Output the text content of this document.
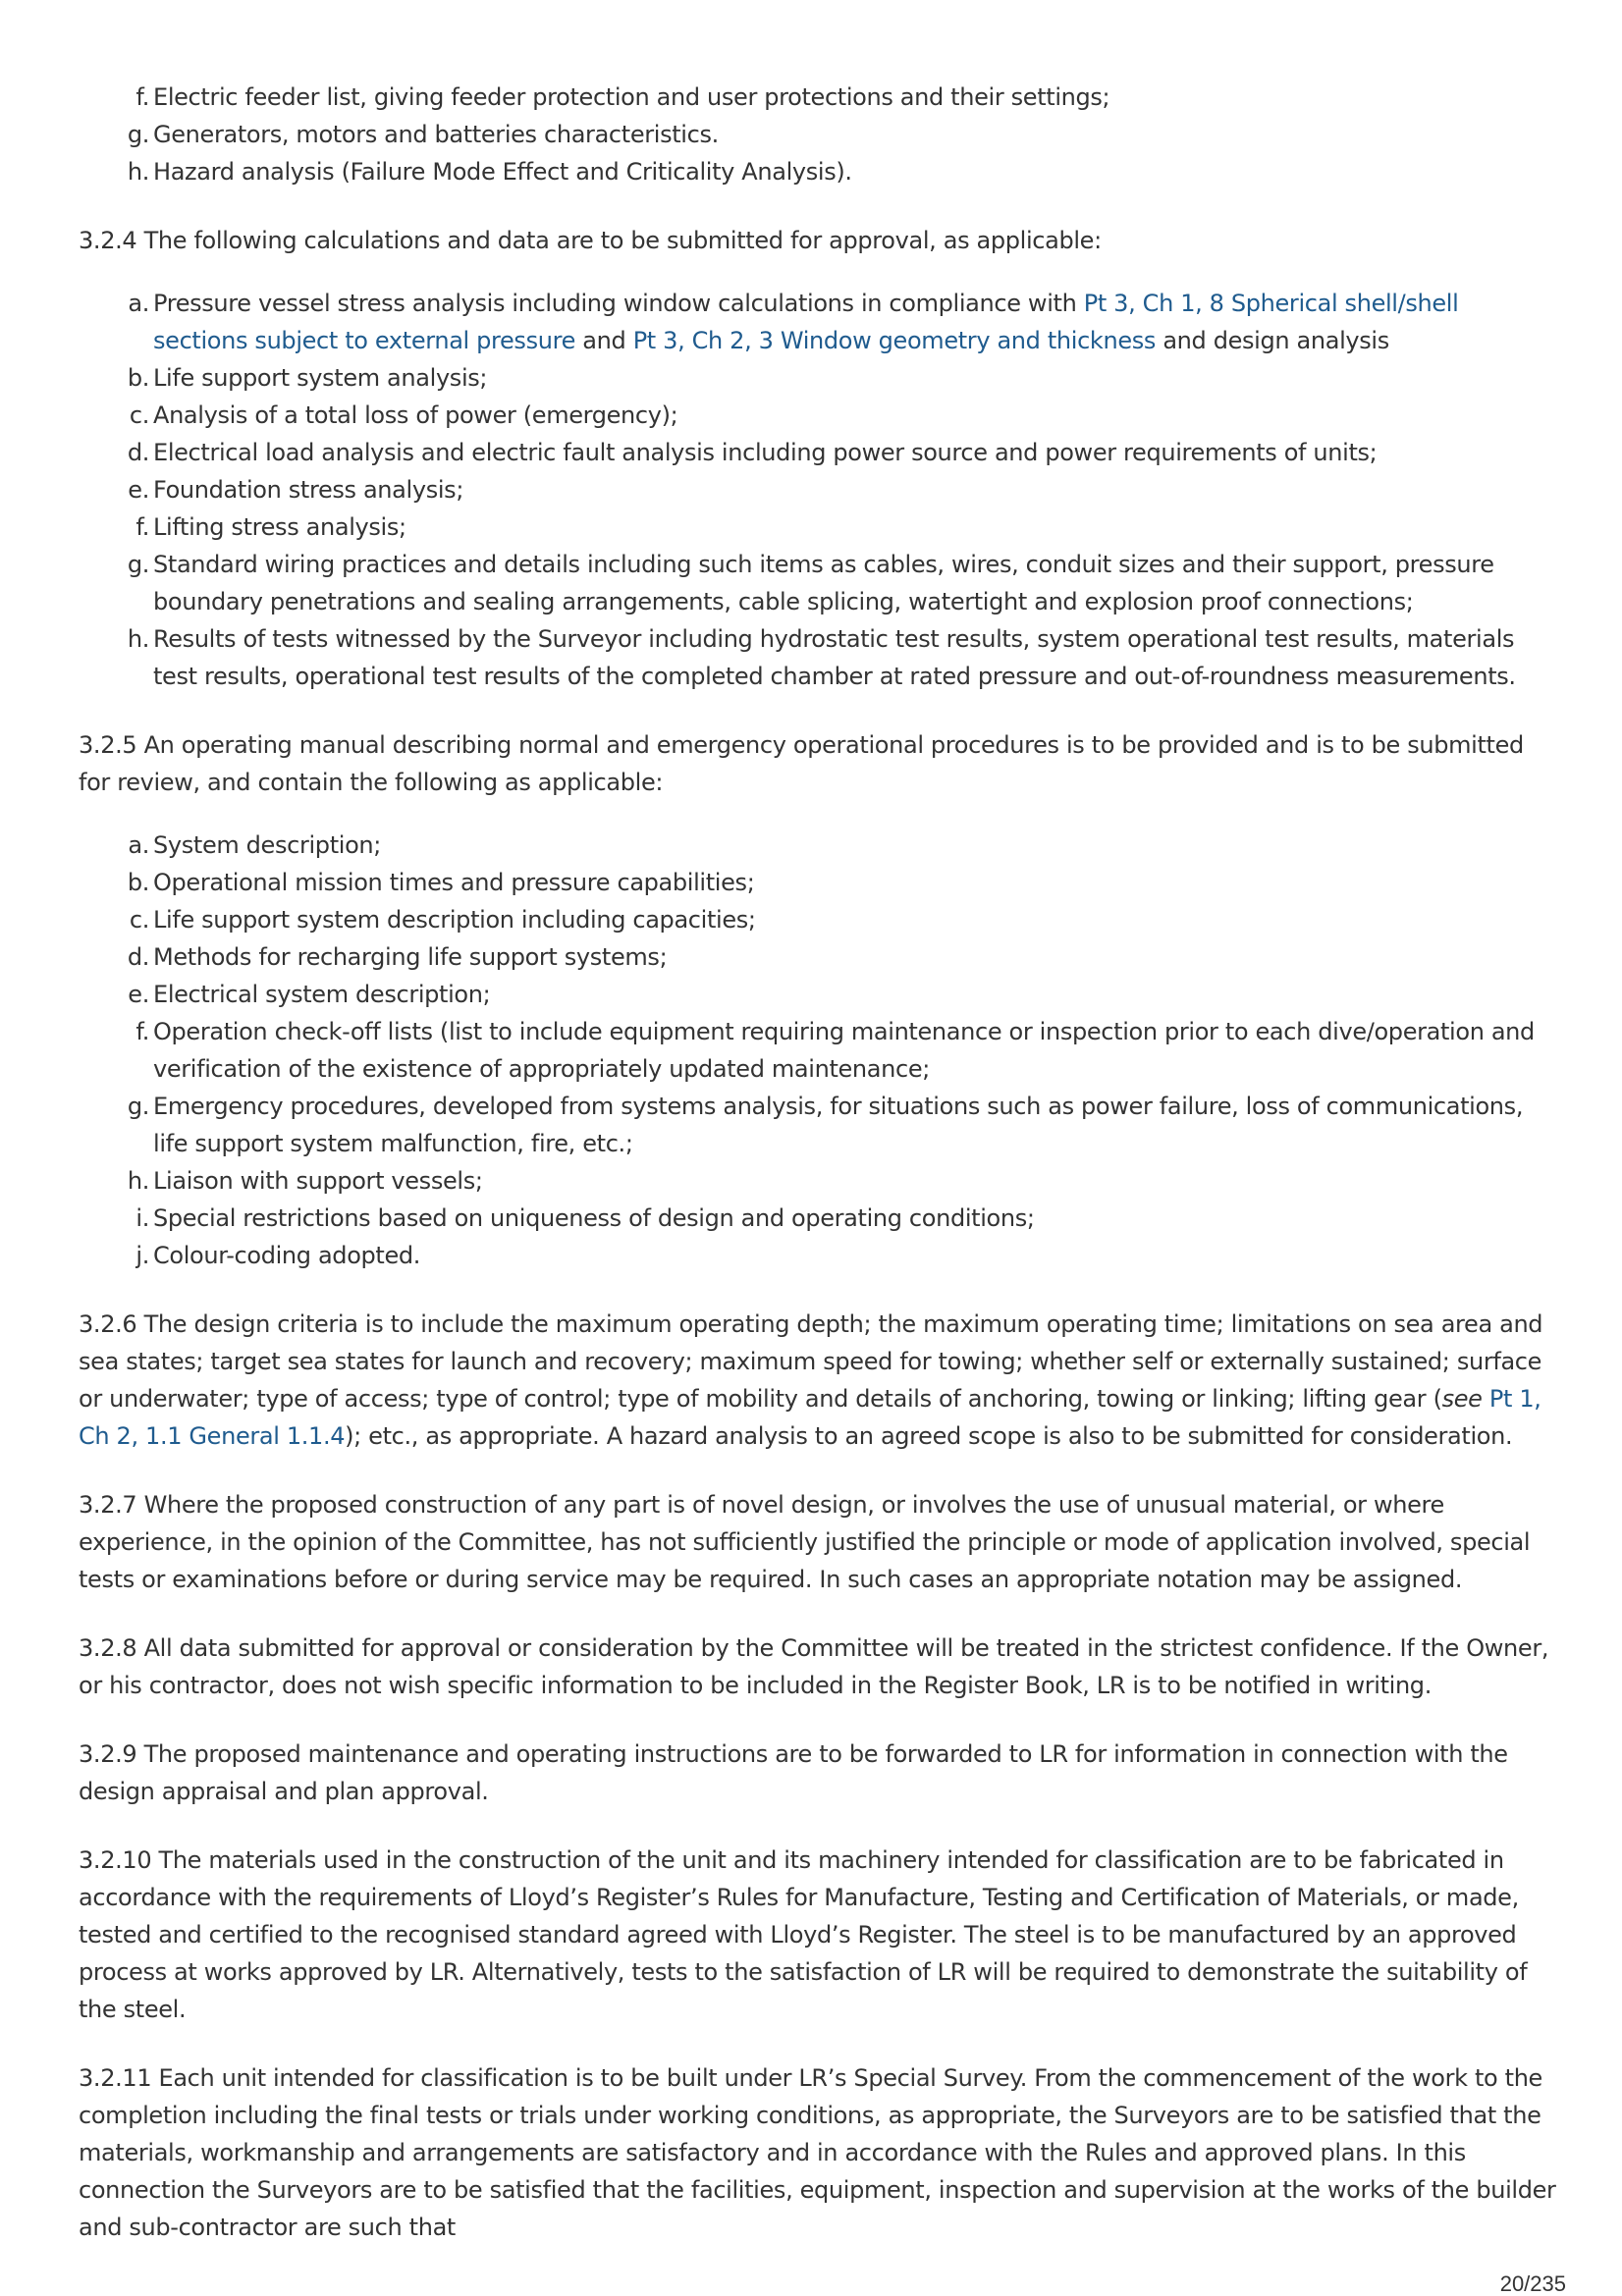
f. Electric feeder list, giving feeder protection and user protections and their settings;
g. Generators, motors and batteries characteristics.
h. Hazard analysis (Failure Mode Effect and Criticality Analysis).

3.2.4 The following calculations and data are to be submitted for approval, as applicable:

a. Pressure vessel stress analysis including window calculations in compliance with Pt 3, Ch 1, 8 Spherical shell/shell sections subject to external pressure and Pt 3, Ch 2, 3 Window geometry and thickness and design analysis
b. Life support system analysis;
c. Analysis of a total loss of power (emergency);
d. Electrical load analysis and electric fault analysis including power source and power requirements of units;
e. Foundation stress analysis;
f. Lifting stress analysis;
g. Standard wiring practices and details including such items as cables, wires, conduit sizes and their support, pressure boundary penetrations and sealing arrangements, cable splicing, watertight and explosion proof connections;
h. Results of tests witnessed by the Surveyor including hydrostatic test results, system operational test results, materials test results, operational test results of the completed chamber at rated pressure and out-of-roundness measurements.

3.2.5 An operating manual describing normal and emergency operational procedures is to be provided and is to be submitted for review, and contain the following as applicable:

a. System description;
b. Operational mission times and pressure capabilities;
c. Life support system description including capacities;
d. Methods for recharging life support systems;
e. Electrical system description;
f. Operation check-off lists (list to include equipment requiring maintenance or inspection prior to each dive/operation and verification of the existence of appropriately updated maintenance;
g. Emergency procedures, developed from systems analysis, for situations such as power failure, loss of communications, life support system malfunction, fire, etc.;
h. Liaison with support vessels;
i. Special restrictions based on uniqueness of design and operating conditions;
j. Colour-coding adopted.

3.2.6 The design criteria is to include the maximum operating depth; the maximum operating time; limitations on sea area and sea states; target sea states for launch and recovery; maximum speed for towing; whether self or externally sustained; surface or underwater; type of access; type of control; type of mobility and details of anchoring, towing or linking; lifting gear (see Pt 1, Ch 2, 1.1 General 1.1.4); etc., as appropriate. A hazard analysis to an agreed scope is also to be submitted for consideration.

3.2.7 Where the proposed construction of any part is of novel design, or involves the use of unusual material, or where experience, in the opinion of the Committee, has not sufficiently justified the principle or mode of application involved, special tests or examinations before or during service may be required. In such cases an appropriate notation may be assigned.

3.2.8 All data submitted for approval or consideration by the Committee will be treated in the strictest confidence. If the Owner, or his contractor, does not wish specific information to be included in the Register Book, LR is to be notified in writing.

3.2.9 The proposed maintenance and operating instructions are to be forwarded to LR for information in connection with the design appraisal and plan approval.

3.2.10 The materials used in the construction of the unit and its machinery intended for classification are to be fabricated in accordance with the requirements of Lloyd’s Register’s Rules for Manufacture, Testing and Certification of Materials, or made, tested and certified to the recognised standard agreed with Lloyd’s Register. The steel is to be manufactured by an approved process at works approved by LR. Alternatively, tests to the satisfaction of LR will be required to demonstrate the suitability of the steel.

3.2.11 Each unit intended for classification is to be built under LR’s Special Survey. From the commencement of the work to the completion including the final tests or trials under working conditions, as appropriate, the Surveyors are to be satisfied that the materials, workmanship and arrangements are satisfactory and in accordance with the Rules and approved plans. In this connection the Surveyors are to be satisfied that the facilities, equipment, inspection and supervision at the works of the builder and sub-contractor are such that

20/235
